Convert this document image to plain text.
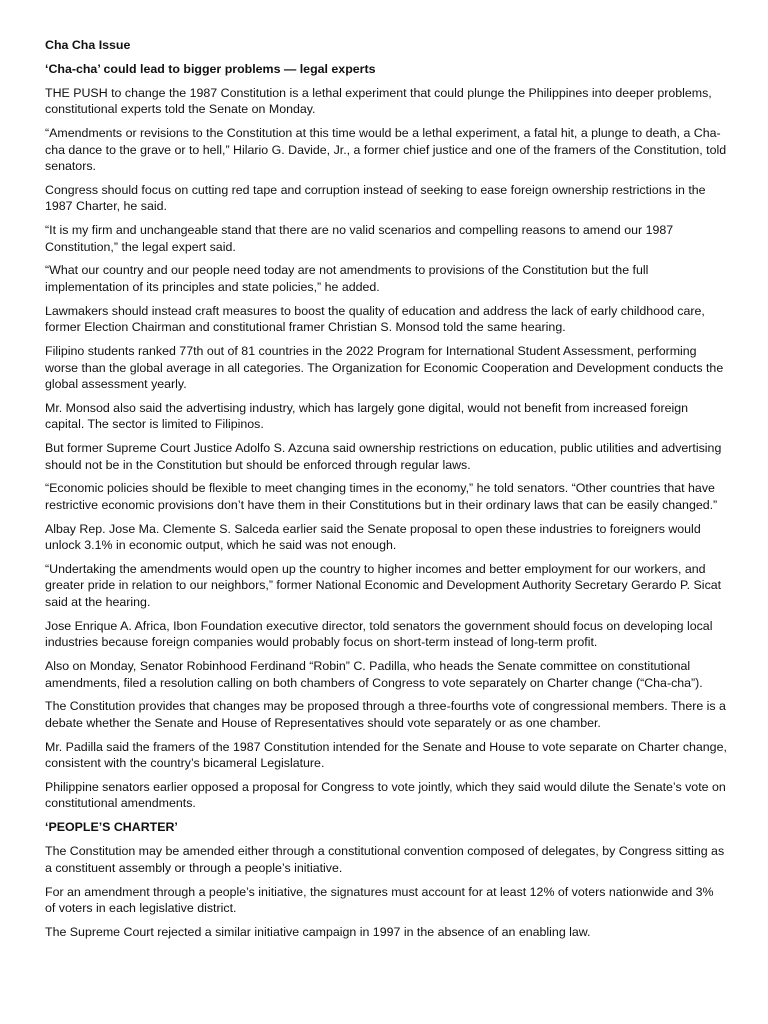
Cha Cha Issue

‘Cha-cha’ could lead to bigger problems — legal experts

THE PUSH to change the 1987 Constitution is a lethal experiment that could plunge the Philippines into deeper problems, constitutional experts told the Senate on Monday.

“Amendments or revisions to the Constitution at this time would be a lethal experiment, a fatal hit, a plunge to death, a Cha-cha dance to the grave or to hell,” Hilario G. Davide, Jr., a former chief justice and one of the framers of the Constitution, told senators.

Congress should focus on cutting red tape and corruption instead of seeking to ease foreign ownership restrictions in the 1987 Charter, he said.

“It is my firm and unchangeable stand that there are no valid scenarios and compelling reasons to amend our 1987 Constitution,” the legal expert said.

“What our country and our people need today are not amendments to provisions of the Constitution but the full implementation of its principles and state policies,” he added.

Lawmakers should instead craft measures to boost the quality of education and address the lack of early childhood care, former Election Chairman and constitutional framer Christian S. Monsod told the same hearing.

Filipino students ranked 77th out of 81 countries in the 2022 Program for International Student Assessment, performing worse than the global average in all categories. The Organization for Economic Cooperation and Development conducts the global assessment yearly.

Mr. Monsod also said the advertising industry, which has largely gone digital, would not benefit from increased foreign capital. The sector is limited to Filipinos.

But former Supreme Court Justice Adolfo S. Azcuna said ownership restrictions on education, public utilities and advertising should not be in the Constitution but should be enforced through regular laws.

“Economic policies should be flexible to meet changing times in the economy,” he told senators. “Other countries that have restrictive economic provisions don’t have them in their Constitutions but in their ordinary laws that can be easily changed.”

Albay Rep. Jose Ma. Clemente S. Salceda earlier said the Senate proposal to open these industries to foreigners would unlock 3.1% in economic output, which he said was not enough.

“Undertaking the amendments would open up the country to higher incomes and better employment for our workers, and greater pride in relation to our neighbors,” former National Economic and Development Authority Secretary Gerardo P. Sicat said at the hearing.

Jose Enrique A. Africa, Ibon Foundation executive director, told senators the government should focus on developing local industries because foreign companies would probably focus on short-term instead of long-term profit.

Also on Monday, Senator Robinhood Ferdinand “Robin” C. Padilla, who heads the Senate committee on constitutional amendments, filed a resolution calling on both chambers of Congress to vote separately on Charter change (“Cha-cha”).

The Constitution provides that changes may be proposed through a three-fourths vote of congressional members. There is a debate whether the Senate and House of Representatives should vote separately or as one chamber.

Mr. Padilla said the framers of the 1987 Constitution intended for the Senate and House to vote separate on Charter change, consistent with the country’s bicameral Legislature.

Philippine senators earlier opposed a proposal for Congress to vote jointly, which they said would dilute the Senate’s vote on constitutional amendments.

‘PEOPLE’S CHARTER’

The Constitution may be amended either through a constitutional convention composed of delegates, by Congress sitting as a constituent assembly or through a people’s initiative.

For an amendment through a people’s initiative, the signatures must account for at least 12% of voters nationwide and 3% of voters in each legislative district.

The Supreme Court rejected a similar initiative campaign in 1997 in the absence of an enabling law.
